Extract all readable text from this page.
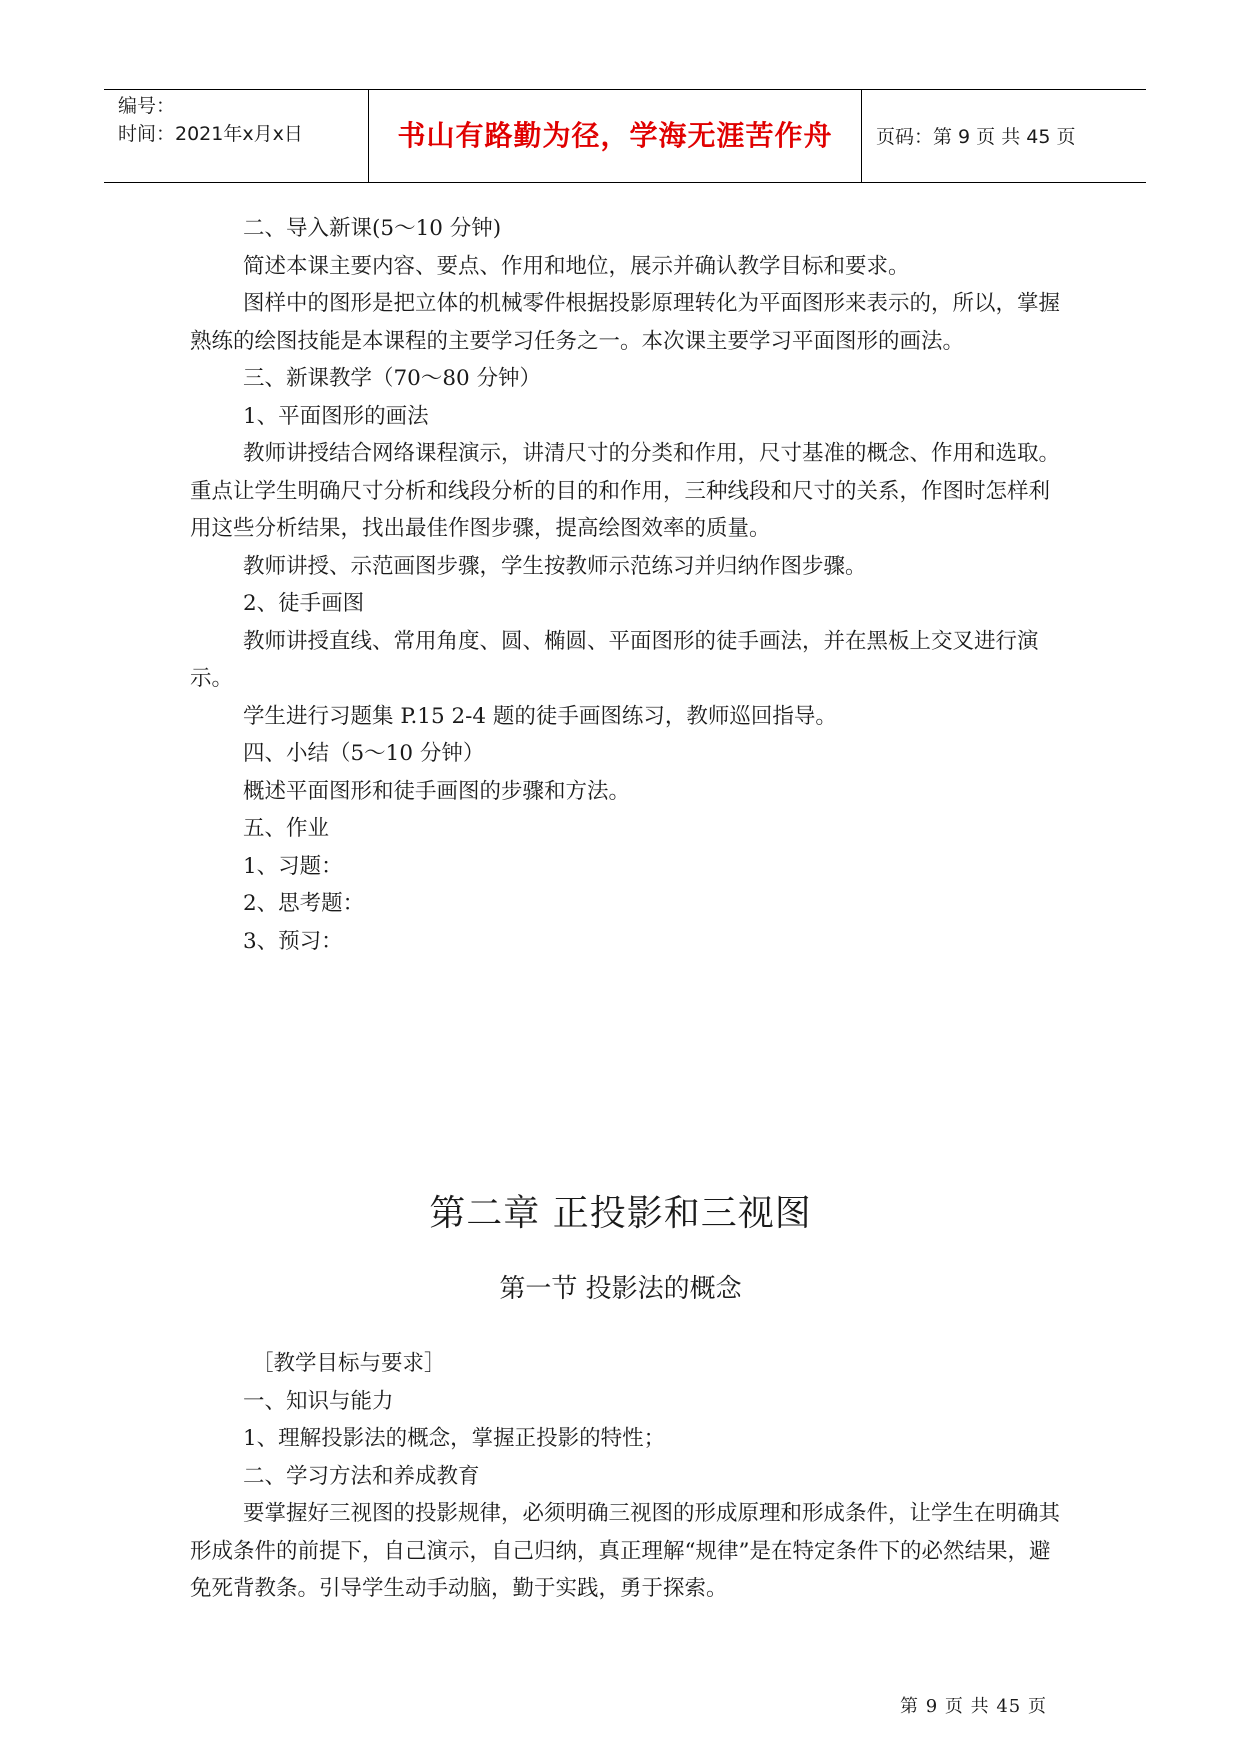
编号：
时间：2021年x月x日	书山有路勤为径，学海无涯苦作舟	页码：第 9 页 共 45 页

二、导入新课(5～10 分钟)

简述本课主要内容、要点、作用和地位，展示并确认教学目标和要求。

图样中的图形是把立体的机械零件根据投影原理转化为平面图形来表示的，所以，掌握熟练的绘图技能是本课程的主要学习任务之一。本次课主要学习平面图形的画法。

三、新课教学（70～80 分钟）

1、平面图形的画法

教师讲授结合网络课程演示，讲清尺寸的分类和作用，尺寸基准的概念、作用和选取。重点让学生明确尺寸分析和线段分析的目的和作用，三种线段和尺寸的关系，作图时怎样利用这些分析结果，找出最佳作图步骤，提高绘图效率的质量。

教师讲授、示范画图步骤，学生按教师示范练习并归纳作图步骤。

2、徒手画图

教师讲授直线、常用角度、圆、椭圆、平面图形的徒手画法，并在黑板上交叉进行演示。

学生进行习题集 P.15 2-4 题的徒手画图练习，教师巡回指导。

四、小结（5～10 分钟）

概述平面图形和徒手画图的步骤和方法。

五、作业

1、习题：

2、思考题：

3、预习：

第二章 正投影和三视图
第一节 投影法的概念

［教学目标与要求］

一、知识与能力

1、理解投影法的概念，掌握正投影的特性；

二、学习方法和养成教育

要掌握好三视图的投影规律，必须明确三视图的形成原理和形成条件，让学生在明确其形成条件的前提下，自己演示，自己归纳，真正理解“规律”是在特定条件下的必然结果，避免死背教条。引导学生动手动脑，勤于实践，勇于探索。

第 9 页 共 45 页
